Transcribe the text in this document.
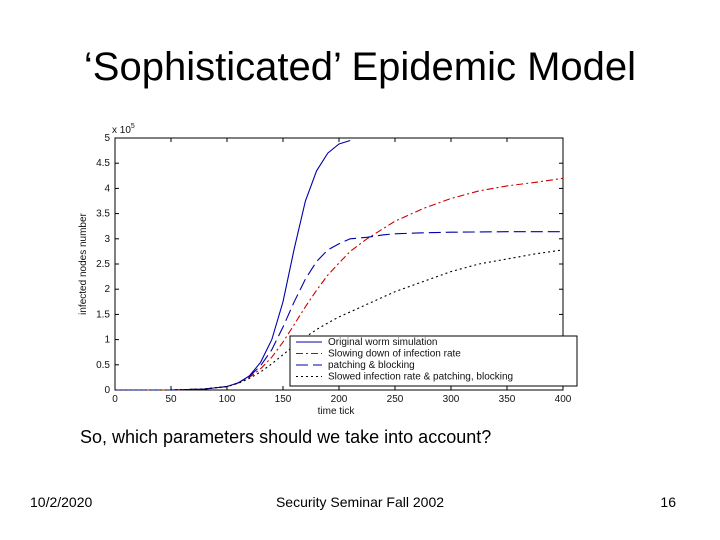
‘Sophisticated’ Epidemic Model
0
0.5
1
1.5
2
2.5
3
3.5
4
4.5
5
0	50	100	150	200	250	300	350	400
x $10^5$
infected nodes number
time tick
Original worm simulation
Slowing down of infection rate
patching & blocking
Slowed infection rate & patching, blocking
So, which parameters should we take into account?
10/2/2020	Security Seminar Fall 2002	16
